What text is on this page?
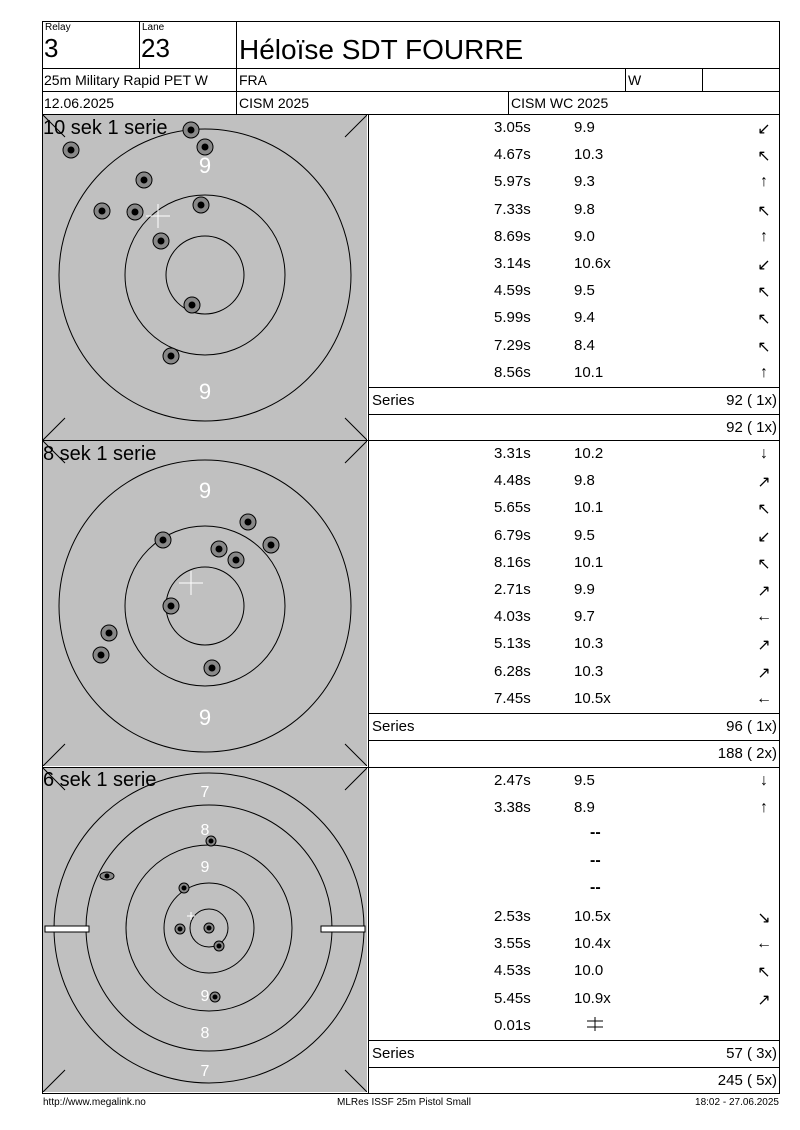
Relay
3
Lane
23 Héloïse SDT FOURRE
25m Military Rapid PET W FRA	W
12.06.2025	CISM 2025	CISM WC 2025
9
9
10 sek 1 serie
9
9
8 sek 1 serie
7
8
9
9
8
7
6 sek 1 serie
3.05s	9.9	↙
4.67s	10.3	↖
5.97s	9.3	↑
7.33s	9.8	↖
8.69s	9.0	↑
3.14s	10.6x	↙
4.59s	9.5	↖
5.99s	9.4	↖
7.29s	8.4	↖
8.56s	10.1	↑
Series	92 ( 1x)
92 ( 1x)
3.31s	10.2	↓
4.48s	9.8	↗
5.65s	10.1	↖
6.79s	9.5	↙
8.16s	10.1	↖
2.71s	9.9	↗
4.03s	9.7	←
5.13s	10.3	↗
6.28s	10.3	↗
7.45s	10.5x	←
Series	96 ( 1x)
188 ( 2x)
2.47s	9.5	↓
3.38s	8.9	↑
--
--
--
2.53s	10.5x	↘
3.55s	10.4x	←
4.53s	10.0	↖
5.45s	10.9x	↗
0.01s
Series	57 ( 3x)
245 ( 5x)
http://www.megalink.no	MLRes ISSF 25m Pistol Small	18:02 - 27.06.2025
